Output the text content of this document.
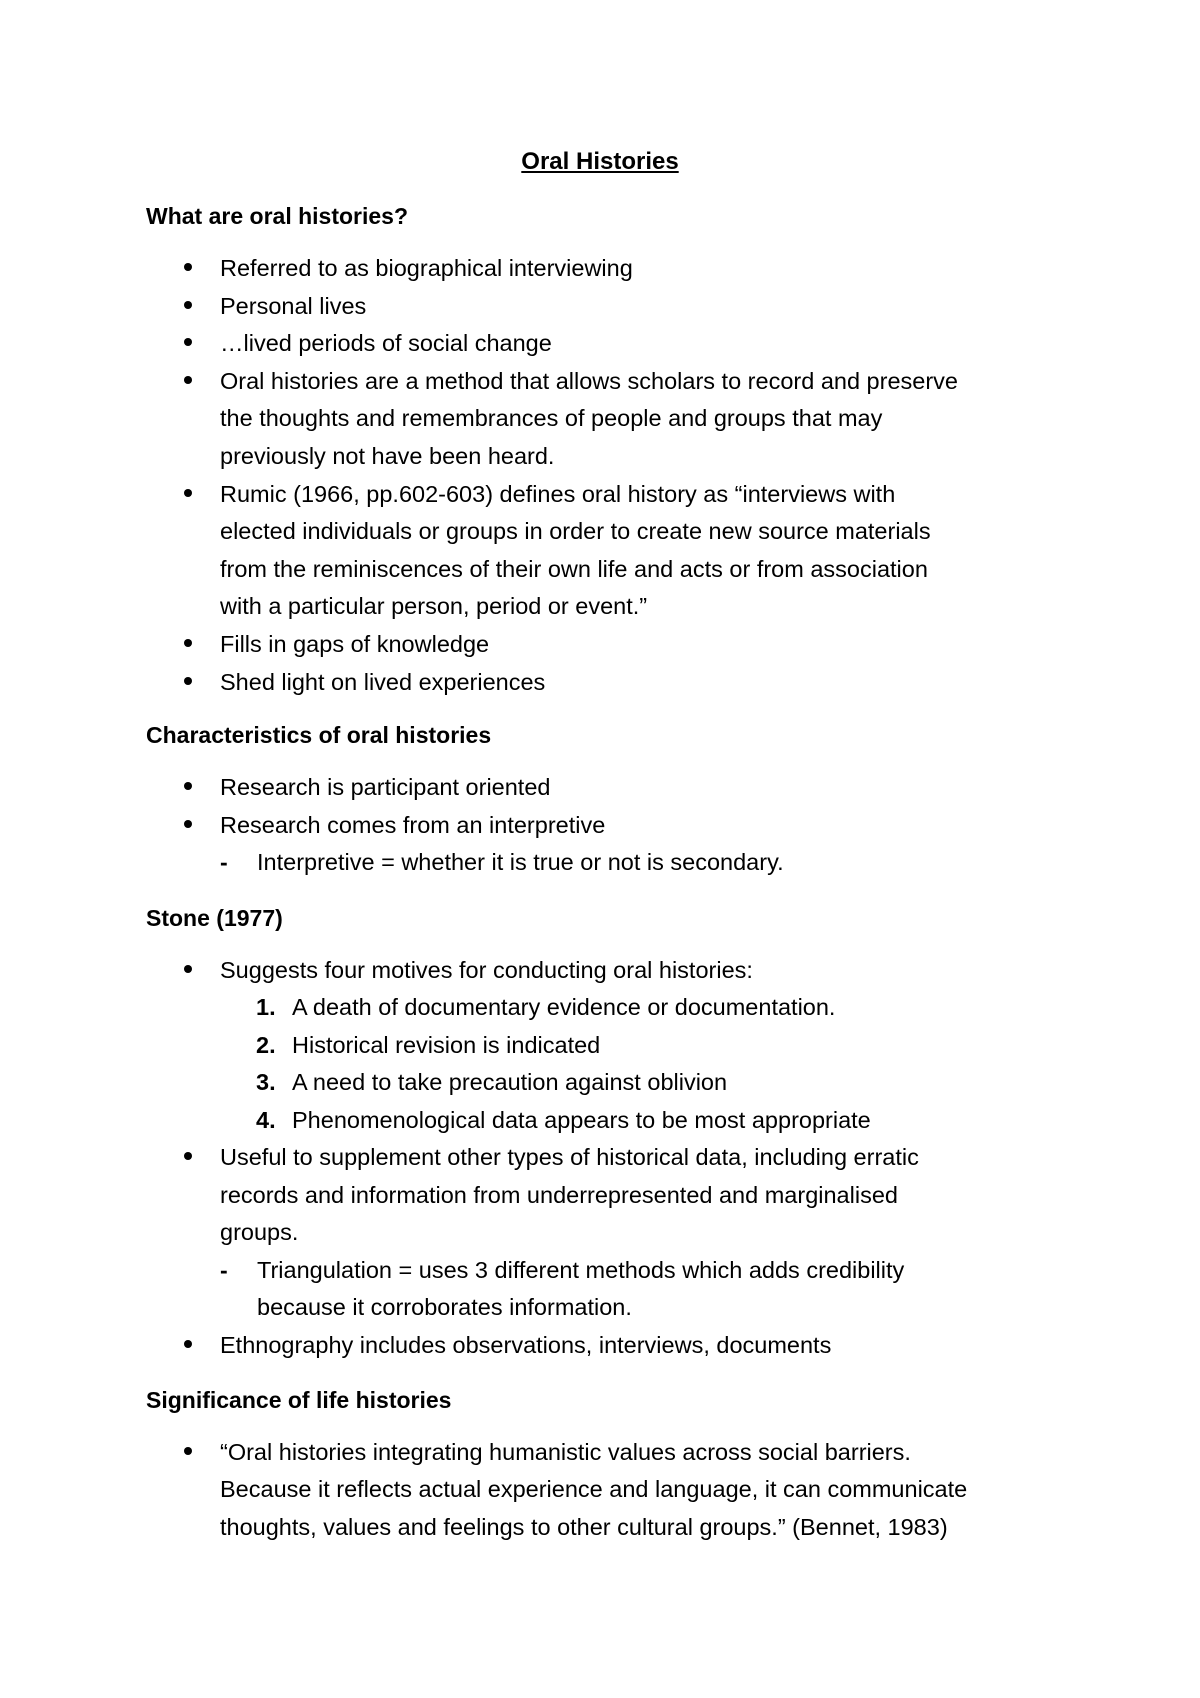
Oral Histories
What are oral histories?
Referred to as biographical interviewing
Personal lives
…lived periods of social change
Oral histories are a method that allows scholars to record and preserve
the thoughts and remembrances of people and groups that may
previously not have been heard.
Rumic (1966, pp.602-603) defines oral history as “interviews with
elected individuals or groups in order to create new source materials
from the reminiscences of their own life and acts or from association
with a particular person, period or event.”
Fills in gaps of knowledge
Shed light on lived experiences
Characteristics of oral histories
Research is participant oriented
Research comes from an interpretive
- Interpretive = whether it is true or not is secondary.
Stone (1977)
Suggests four motives for conducting oral histories:
1. A death of documentary evidence or documentation.
2. Historical revision is indicated
3. A need to take precaution against oblivion
4. Phenomenological data appears to be most appropriate
Useful to supplement other types of historical data, including erratic
records and information from underrepresented and marginalised
groups.
- Triangulation = uses 3 different methods which adds credibility
because it corroborates information.
Ethnography includes observations, interviews, documents
Significance of life histories
“Oral histories integrating humanistic values across social barriers.
Because it reflects actual experience and language, it can communicate
thoughts, values and feelings to other cultural groups.” (Bennet, 1983)
